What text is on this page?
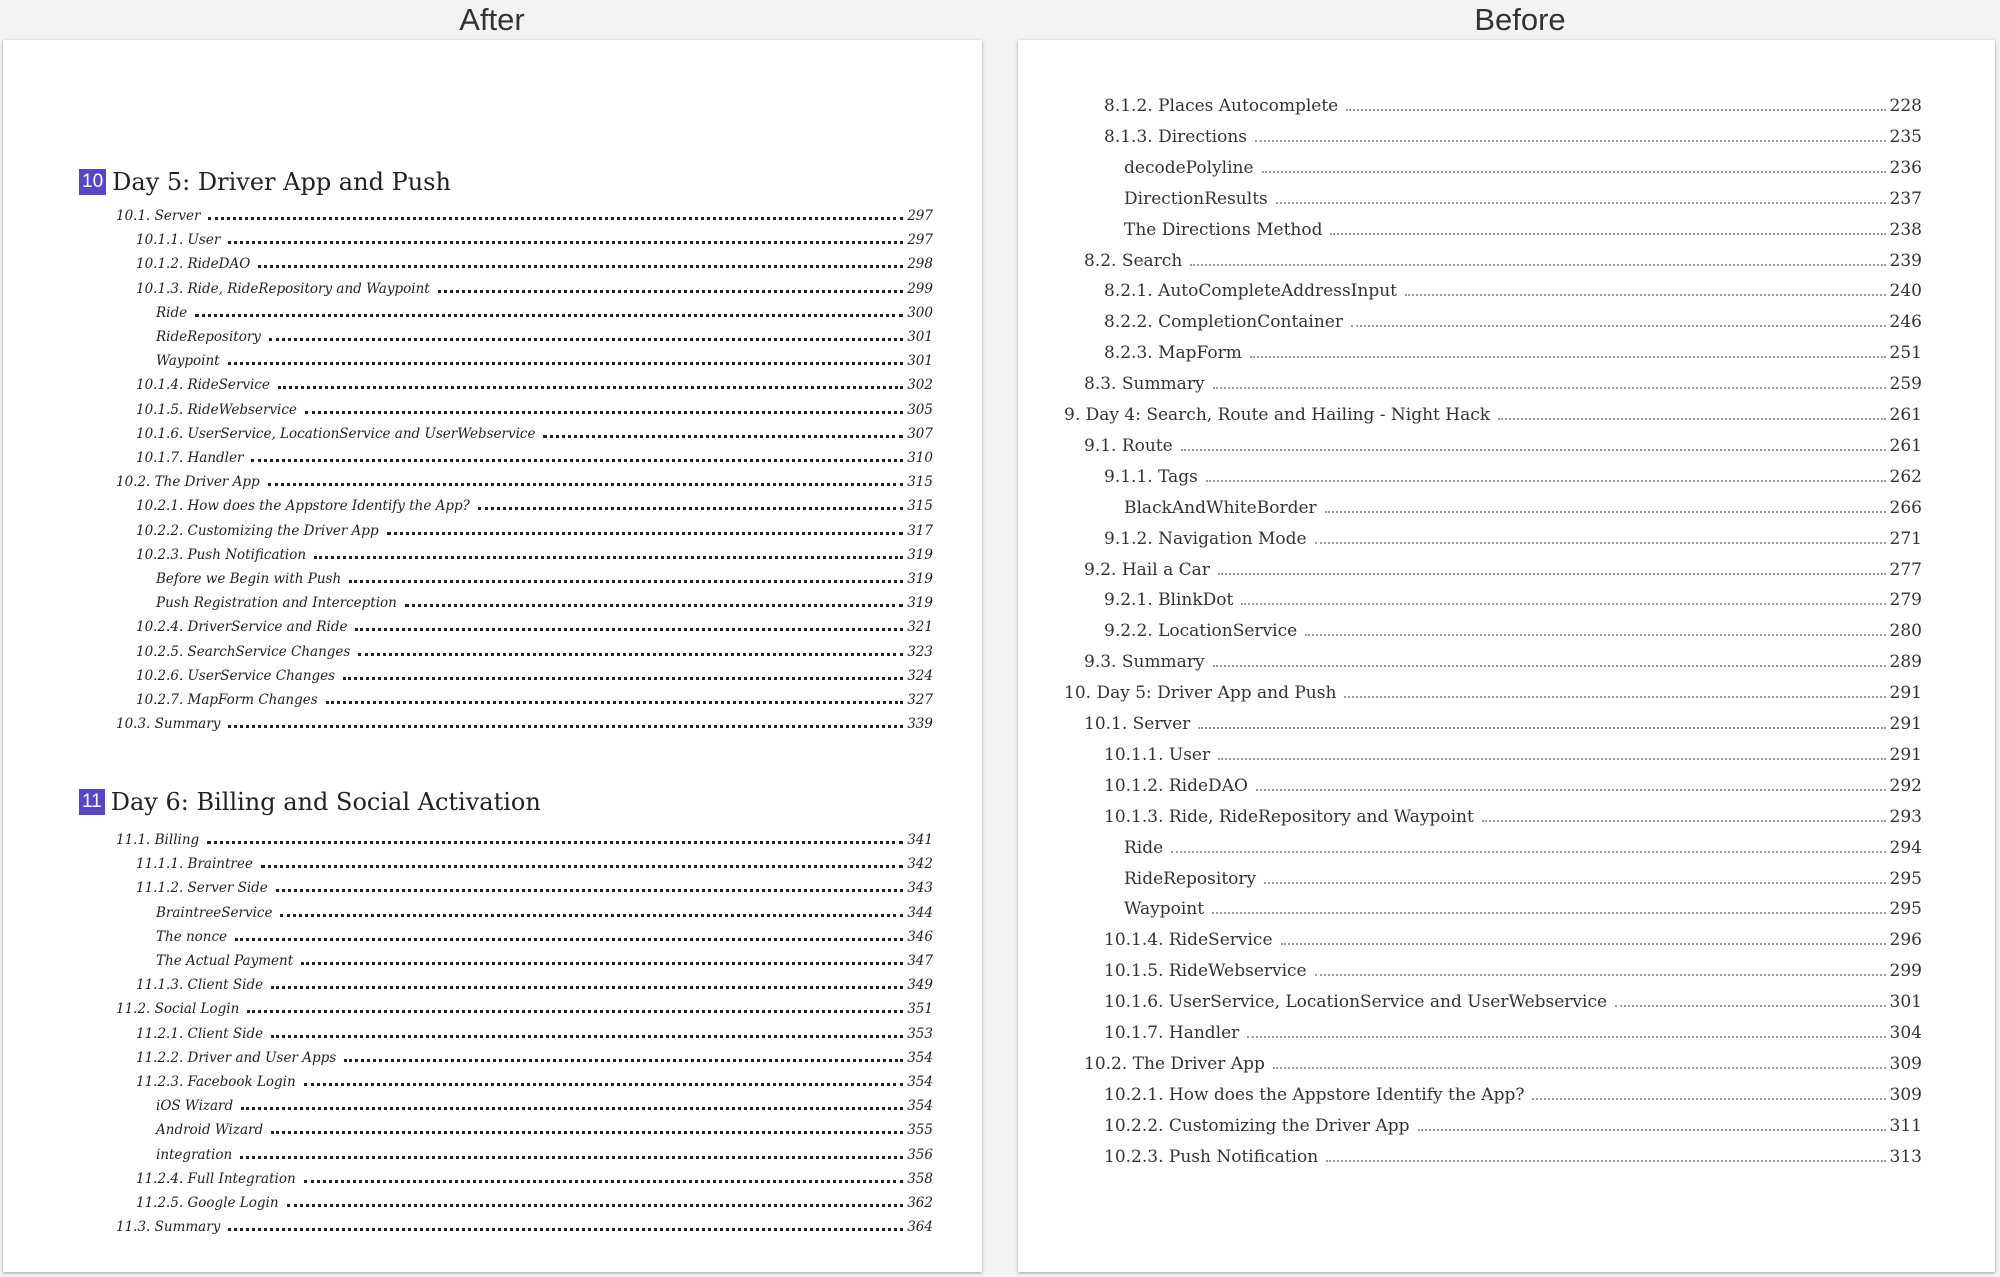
After	Before
10 Day 5: Driver App and Push
10.1. Server	297
10.1.1. User	297
10.1.2. RideDAO	298
10.1.3. Ride, RideRepository and Waypoint	299
Ride	300
RideRepository	301
Waypoint	301
10.1.4. RideService	302
10.1.5. RideWebservice	305
10.1.6. UserService, LocationService and UserWebservice	307
10.1.7. Handler	310
10.2. The Driver App	315
10.2.1. How does the Appstore Identify the App?	315
10.2.2. Customizing the Driver App	317
10.2.3. Push Notification	319
Before we Begin with Push	319
Push Registration and Interception	319
10.2.4. DriverService and Ride	321
10.2.5. SearchService Changes	323
10.2.6. UserService Changes	324
10.2.7. MapForm Changes	327
10.3. Summary	339
11 Day 6: Billing and Social Activation
11.1. Billing	341
11.1.1. Braintree	342
11.1.2. Server Side	343
BraintreeService	344
The nonce	346
The Actual Payment	347
11.1.3. Client Side	349
11.2. Social Login	351
11.2.1. Client Side	353
11.2.2. Driver and User Apps	354
11.2.3. Facebook Login	354
iOS Wizard	354
Android Wizard	355
integration	356
11.2.4. Full Integration	358
11.2.5. Google Login	362
11.3. Summary	364
8.1.2. Places Autocomplete	228
8.1.3. Directions	235
decodePolyline	236
DirectionResults	237
The Directions Method	238
8.2. Search	239
8.2.1. AutoCompleteAddressInput	240
8.2.2. CompletionContainer	246
8.2.3. MapForm	251
8.3. Summary	259
9. Day 4: Search, Route and Hailing - Night Hack	261
9.1. Route	261
9.1.1. Tags	262
BlackAndWhiteBorder	266
9.1.2. Navigation Mode	271
9.2. Hail a Car	277
9.2.1. BlinkDot	279
9.2.2. LocationService	280
9.3. Summary	289
10. Day 5: Driver App and Push	291
10.1. Server	291
10.1.1. User	291
10.1.2. RideDAO	292
10.1.3. Ride, RideRepository and Waypoint	293
Ride	294
RideRepository	295
Waypoint	295
10.1.4. RideService	296
10.1.5. RideWebservice	299
10.1.6. UserService, LocationService and UserWebservice	301
10.1.7. Handler	304
10.2. The Driver App	309
10.2.1. How does the Appstore Identify the App?	309
10.2.2. Customizing the Driver App	311
10.2.3. Push Notification	313
